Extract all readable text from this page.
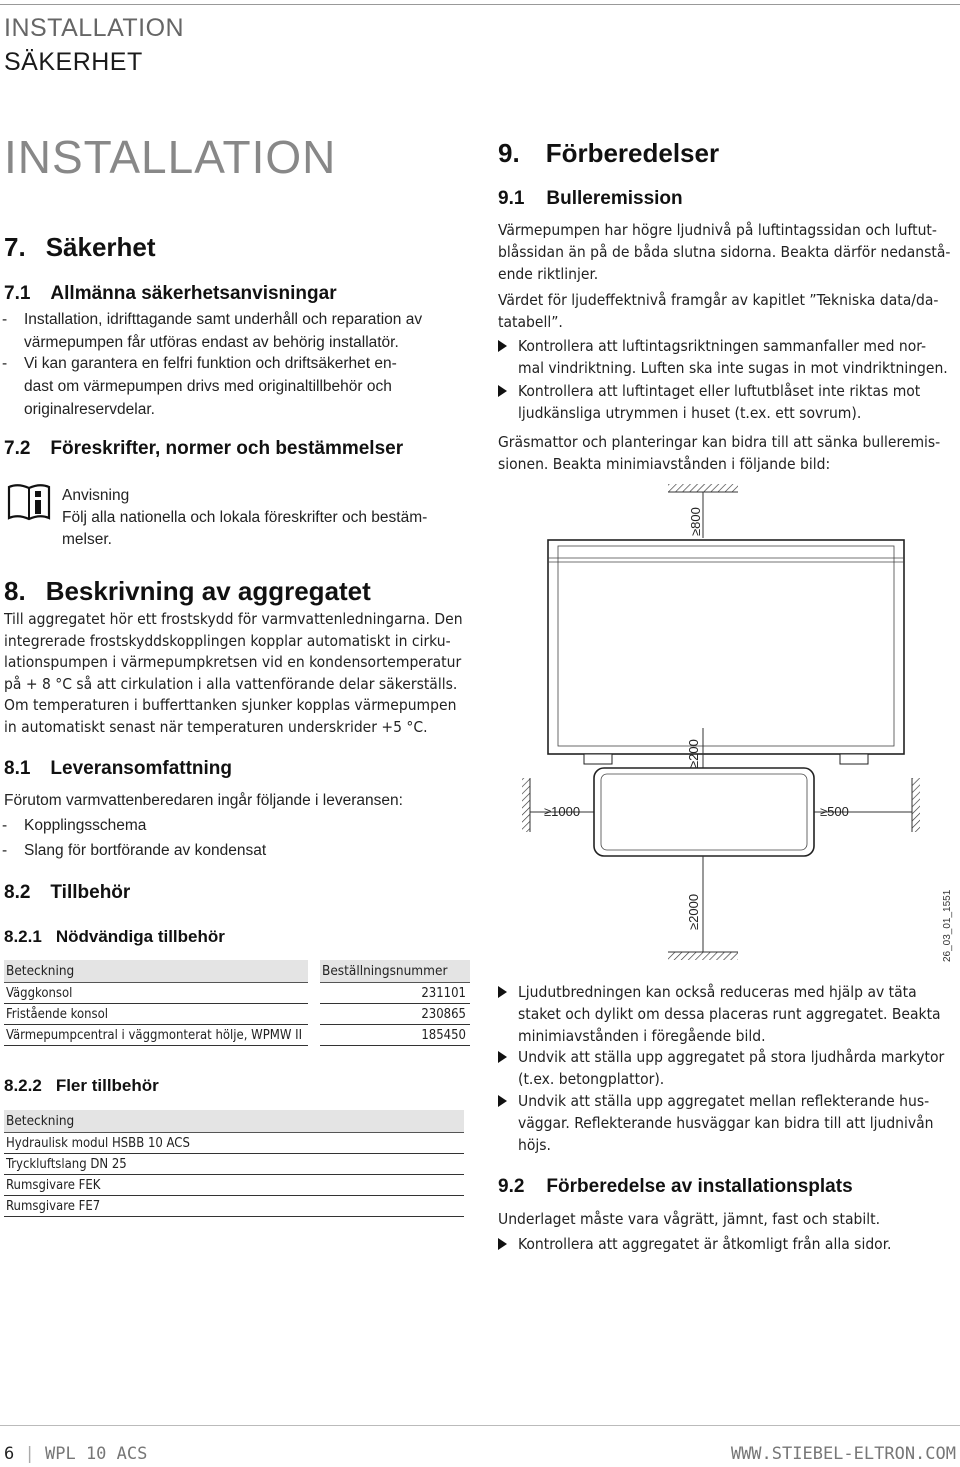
INSTALLATION
SÄKERHET
INSTALLATION
7. Säkerhet
7.1 Allmänna säkerhetsanvisningar
-	Installation, idrifttagande samt underhåll och reparation av
värmepumpen får utföras endast av behörig installatör.
-	Vi kan garantera en felfri funktion och driftsäkerhet en-
dast om värmepumpen drivs med originaltillbehör och
originalreservdelar.
7.2 Föreskrifter, normer och bestämmelser
Anvisning
Följ alla nationella och lokala föreskrifter och bestäm-
melser.
8. Beskrivning av aggregatet
Till aggregatet hör ett frostskydd för varmvattenledningarna. Den
integrerade frostskyddskopplingen kopplar automatiskt in cirku-
lationspumpen i värmepumpkretsen vid en kondensortemperatur
på + 8 °C så att cirkulation i alla vattenförande delar säkerställs.
Om temperaturen i bufferttanken sjunker kopplas värmepumpen
in automatiskt senast när temperaturen underskrider +5 °C.
8.1 Leveransomfattning
Förutom varmvattenberedaren ingår följande i leveransen:
-	Kopplingsschema
-	Slang för bortförande av kondensat
8.2 Tillbehör
8.2.1 Nödvändiga tillbehör
Beteckning		Beställningsnummer
Väggkonsol		231101
Fristående konsol		230865
Värmepumpcentral i väggmonterat hölje, WPMW II		185450
8.2.2 Fler tillbehör
Beteckning
Hydraulisk modul HSBB 10 ACS
Tryckluftslang DN 25
Rumsgivare FEK
Rumsgivare FE7
9. Förberedelser
9.1 Bulleremission
Värmepumpen har högre ljudnivå på luftintagssidan och luftut-
blåssidan än på de båda slutna sidorna. Beakta därför nedanstå-
ende riktlinjer.
Värdet för ljudeffektnivå framgår av kapitlet ”Tekniska data/da-
tatabell”.
Kontrollera att luftintagsriktningen sammanfaller med nor-
mal vindriktning. Luften ska inte sugas in mot vindriktningen.
Kontrollera att luftintaget eller luftutblåset inte riktas mot
ljudkänsliga utrymmen i huset (t.ex. ett sovrum).
Gräsmattor och planteringar kan bidra till att sänka bulleremis-
sionen. Beakta minimiavstånden i följande bild:
≥800
≥200
≥1000	≥500
≥2000	26_03_01_1551
Ljudutbredningen kan också reduceras med hjälp av täta
staket och dylikt om dessa placeras runt aggregatet. Beakta
minimiavstånden i föregående bild.
Undvik att ställa upp aggregatet på stora ljudhårda markytor
(t.ex. betongplattor).
Undvik att ställa upp aggregatet mellan reflekterande hus-
väggar. Reflekterande husväggar kan bidra till att ljudnivån
höjs.
9.2 Förberedelse av installationsplats
Underlaget måste vara vågrätt, jämnt, fast och stabilt.
Kontrollera att aggregatet är åtkomligt från alla sidor.
6 | WPL 10 ACS	WWW.STIEBEL-ELTRON.COM
